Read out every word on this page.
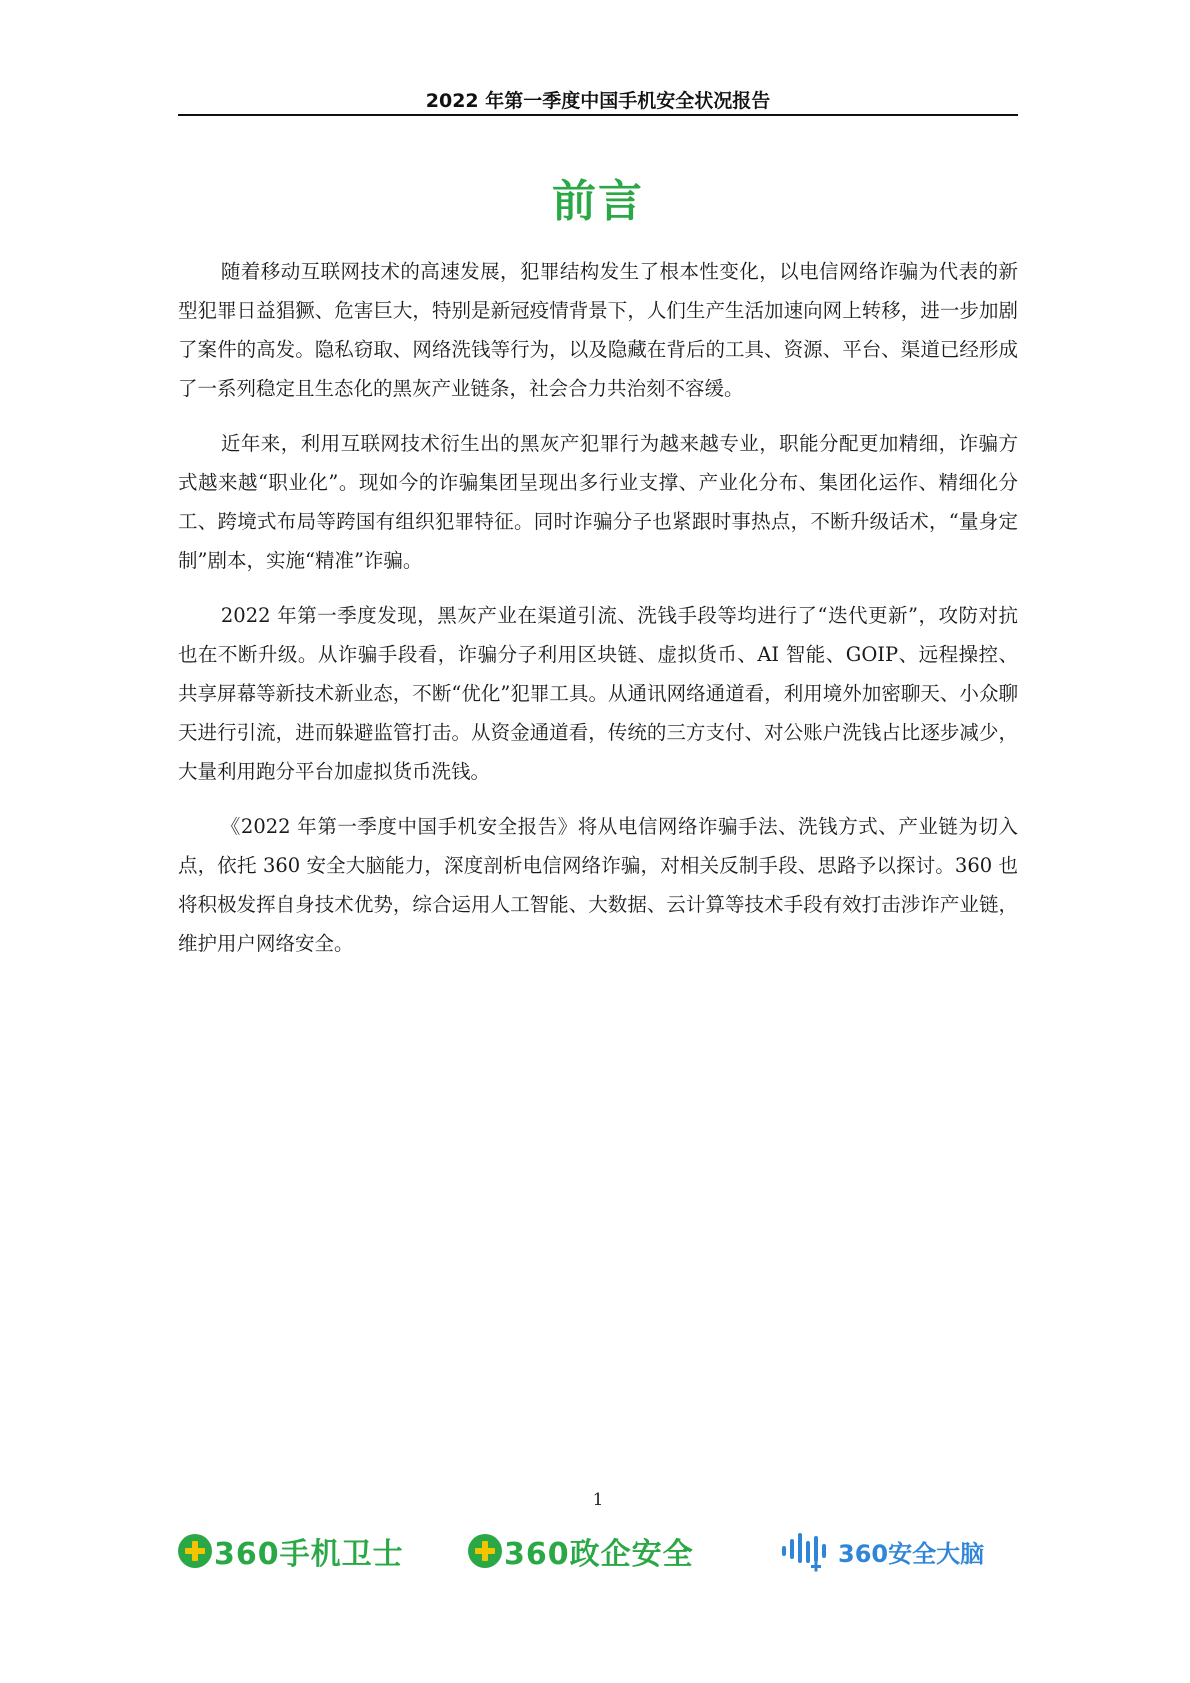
2022 年第一季度中国手机安全状况报告
前言

随着移动互联网技术的高速发展，犯罪结构发生了根本性变化，以电信网络诈骗为代表的新型犯罪日益猖獗、危害巨大，特别是新冠疫情背景下，人们生产生活加速向网上转移，进一步加剧了案件的高发。隐私窃取、网络洗钱等行为，以及隐藏在背后的工具、资源、平台、渠道已经形成了一系列稳定且生态化的黑灰产业链条，社会合力共治刻不容缓。

近年来，利用互联网技术衍生出的黑灰产犯罪行为越来越专业，职能分配更加精细，诈骗方式越来越“职业化”。现如今的诈骗集团呈现出多行业支撑、产业化分布、集团化运作、精细化分工、跨境式布局等跨国有组织犯罪特征。同时诈骗分子也紧跟时事热点，不断升级话术，“量身定制”剧本，实施“精准”诈骗。

2022 年第一季度发现，黑灰产业在渠道引流、洗钱手段等均进行了“迭代更新”，攻防对抗也在不断升级。从诈骗手段看，诈骗分子利用区块链、虚拟货币、AI 智能、GOIP、远程操控、共享屏幕等新技术新业态，不断“优化”犯罪工具。从通讯网络通道看，利用境外加密聊天、小众聊天进行引流，进而躲避监管打击。从资金通道看，传统的三方支付、对公账户洗钱占比逐步减少，大量利用跑分平台加虚拟货币洗钱。

《2022 年第一季度中国手机安全报告》将从电信网络诈骗手法、洗钱方式、产业链为切入点，依托 360 安全大脑能力，深度剖析电信网络诈骗，对相关反制手段、思路予以探讨。360 也将积极发挥自身技术优势，综合运用人工智能、大数据、云计算等技术手段有效打击涉诈产业链，维护用户网络安全。

1
360手机卫士	360政企安全	360安全大脑
